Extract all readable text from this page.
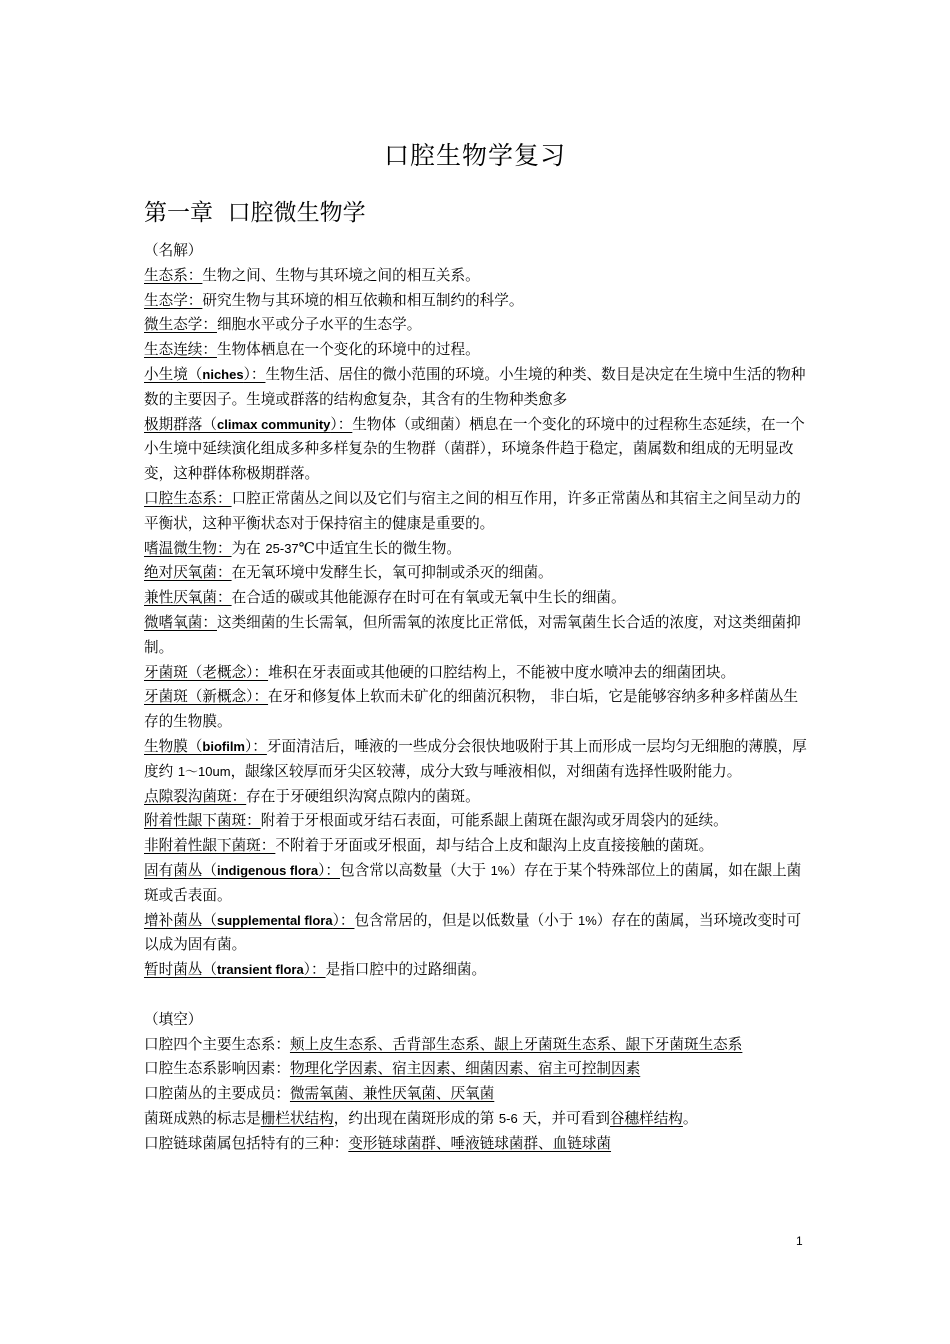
口腔生物学复习
第一章  口腔微生物学

（名解）

生态系：生物之间、生物与其环境之间的相互关系。

生态学：研究生物与其环境的相互依赖和相互制约的科学。

微生态学：细胞水平或分子水平的生态学。

生态连续：生物体栖息在一个变化的环境中的过程。

小生境（niches）：生物生活、居住的微小范围的环境。小生境的种类、数目是决定在生境中生活的物种数的主要因子。生境或群落的结构愈复杂，其含有的生物种类愈多

极期群落（climax community）：生物体（或细菌）栖息在一个变化的环境中的过程称生态延续，在一个小生境中延续演化组成多种多样复杂的生物群（菌群），环境条件趋于稳定，菌属数和组成的无明显改变，这种群体称极期群落。

口腔生态系：口腔正常菌丛之间以及它们与宿主之间的相互作用，许多正常菌丛和其宿主之间呈动力的平衡状，这种平衡状态对于保持宿主的健康是重要的。

嗜温微生物：为在 25-37℃中适宜生长的微生物。

绝对厌氧菌：在无氧环境中发酵生长，氧可抑制或杀灭的细菌。

兼性厌氧菌：在合适的碳或其他能源存在时可在有氧或无氧中生长的细菌。

微嗜氧菌：这类细菌的生长需氧，但所需氧的浓度比正常低，对需氧菌生长合适的浓度，对这类细菌抑制。

牙菌斑（老概念）：堆积在牙表面或其他硬的口腔结构上，不能被中度水喷冲去的细菌团块。

牙菌斑（新概念）：在牙和修复体上软而未矿化的细菌沉积物， 非白垢，它是能够容纳多种多样菌丛生存的生物膜。

生物膜（biofilm）：牙面清洁后，唾液的一些成分会很快地吸附于其上而形成一层均匀无细胞的薄膜，厚度约 1～10um，龈缘区较厚而牙尖区较薄，成分大致与唾液相似，对细菌有选择性吸附能力。

点隙裂沟菌斑：存在于牙硬组织沟窝点隙内的菌斑。

附着性龈下菌斑：附着于牙根面或牙结石表面，可能系龈上菌斑在龈沟或牙周袋内的延续。

非附着性龈下菌斑：不附着于牙面或牙根面，却与结合上皮和龈沟上皮直接接触的菌斑。

固有菌丛（indigenous flora）：包含常以高数量（大于 1%）存在于某个特殊部位上的菌属，如在龈上菌斑或舌表面。

增补菌丛（supplemental flora）：包含常居的，但是以低数量（小于 1%）存在的菌属，当环境改变时可以成为固有菌。

暂时菌丛（transient flora）：是指口腔中的过路细菌。

（填空）

口腔四个主要生态系：颊上皮生态系、舌背部生态系、龈上牙菌斑生态系、龈下牙菌斑生态系

口腔生态系影响因素：物理化学因素、宿主因素、细菌因素、宿主可控制因素

口腔菌丛的主要成员：微需氧菌、兼性厌氧菌、厌氧菌

菌斑成熟的标志是栅栏状结构，约出现在菌斑形成的第 5-6 天，并可看到谷穗样结构。

口腔链球菌属包括特有的三种：变形链球菌群、唾液链球菌群、血链球菌

1
